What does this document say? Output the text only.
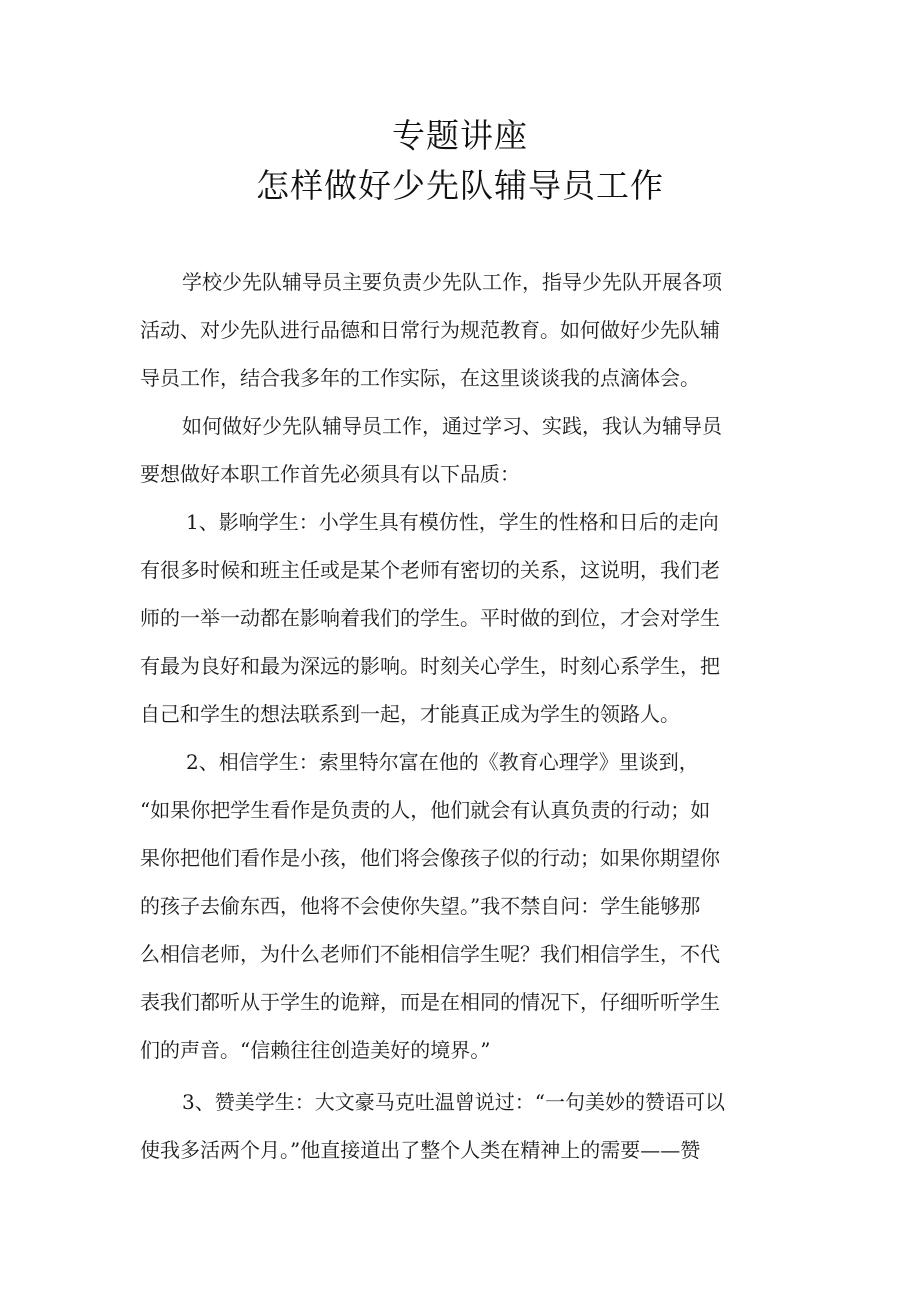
专题讲座
怎样做好少先队辅导员工作
学校少先队辅导员主要负责少先队工作，指导少先队开展各项
活动、对少先队进行品德和日常行为规范教育。如何做好少先队辅
导员工作，结合我多年的工作实际，在这里谈谈我的点滴体会。
如何做好少先队辅导员工作，通过学习、实践，我认为辅导员
要想做好本职工作首先必须具有以下品质：
1、影响学生：小学生具有模仿性，学生的性格和日后的走向
有很多时候和班主任或是某个老师有密切的关系，这说明，我们老
师的一举一动都在影响着我们的学生。平时做的到位，才会对学生
有最为良好和最为深远的影响。时刻关心学生，时刻心系学生，把
自己和学生的想法联系到一起，才能真正成为学生的领路人。
2、相信学生：索里特尔富在他的《教育心理学》里谈到，
“如果你把学生看作是负责的人，他们就会有认真负责的行动；如
果你把他们看作是小孩，他们将会像孩子似的行动；如果你期望你
的孩子去偷东西，他将不会使你失望。”我不禁自问：学生能够那
么相信老师，为什么老师们不能相信学生呢？我们相信学生，不代
表我们都听从于学生的诡辩，而是在相同的情况下，仔细听听学生
们的声音。“信赖往往创造美好的境界。”
3、赞美学生：大文豪马克吐温曾说过：“一句美妙的赞语可以
使我多活两个月。”他直接道出了整个人类在精神上的需要——赞
